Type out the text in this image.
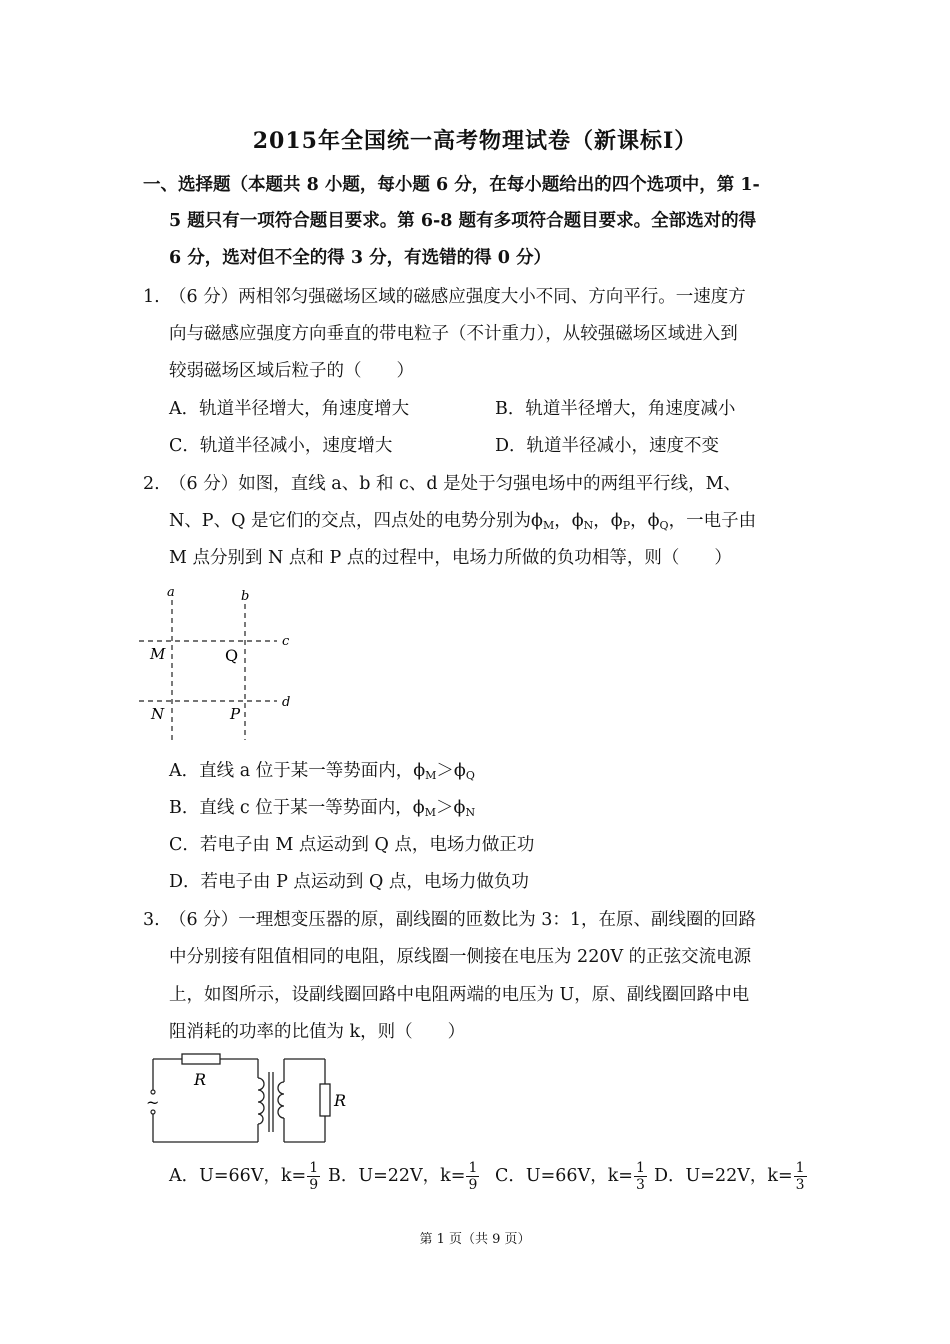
2015年全国统一高考物理试卷（新课标Ⅰ）
一、选择题（本题共 8 小题，每小题 6 分，在每小题给出的四个选项中，第 1-
5 题只有一项符合题目要求。第 6-8 题有多项符合题目要求。全部选对的得
6 分，选对但不全的得 3 分，有选错的得 0 分）
1. （6 分）两相邻匀强磁场区域的磁感应强度大小不同、方向平行。一速度方
向与磁感应强度方向垂直的带电粒子（不计重力），从较强磁场区域进入到
较弱磁场区域后粒子的（　　）
A．轨道半径增大，角速度增大	B．轨道半径增大，角速度减小
C．轨道半径减小，速度增大	D．轨道半径减小，速度不变
2. （6 分）如图，直线 a、b 和 c、d 是处于匀强电场中的两组平行线，M、
N、P、Q 是它们的交点，四点处的电势分别为$\phi_M$，$\phi_N$，$\phi_P$，$\phi_Q$，一电子由
M 点分别到 N 点和 P 点的过程中，电场力所做的负功相等，则（　　）
a	b
c
d
M	Q
N	P
A．直线 a 位于某一等势面内，$\phi_M>\phi_Q$
B．直线 c 位于某一等势面内，$\phi_M>\phi_N$
C．若电子由 M 点运动到 Q 点，电场力做正功
D．若电子由 P 点运动到 Q 点，电场力做负功
3. （6 分）一理想变压器的原，副线圈的匝数比为 3：1，在原、副线圈的回路
中分别接有阻值相同的电阻，原线圈一侧接在电压为 220V 的正弦交流电源
上，如图所示，设副线圈回路中电阻两端的电压为 U，原、副线圈回路中电
阻消耗的功率的比值为 k，则（　　）
~
R
R
A．U=66V，$k= \frac{1}{9}$ B．U=22V，$k= \frac{1}{9}$ C．U=66V，$k= \frac{1}{3}$ D．U=22V，$k= \frac{1}{3}$
第 1 页（共 9 页）
